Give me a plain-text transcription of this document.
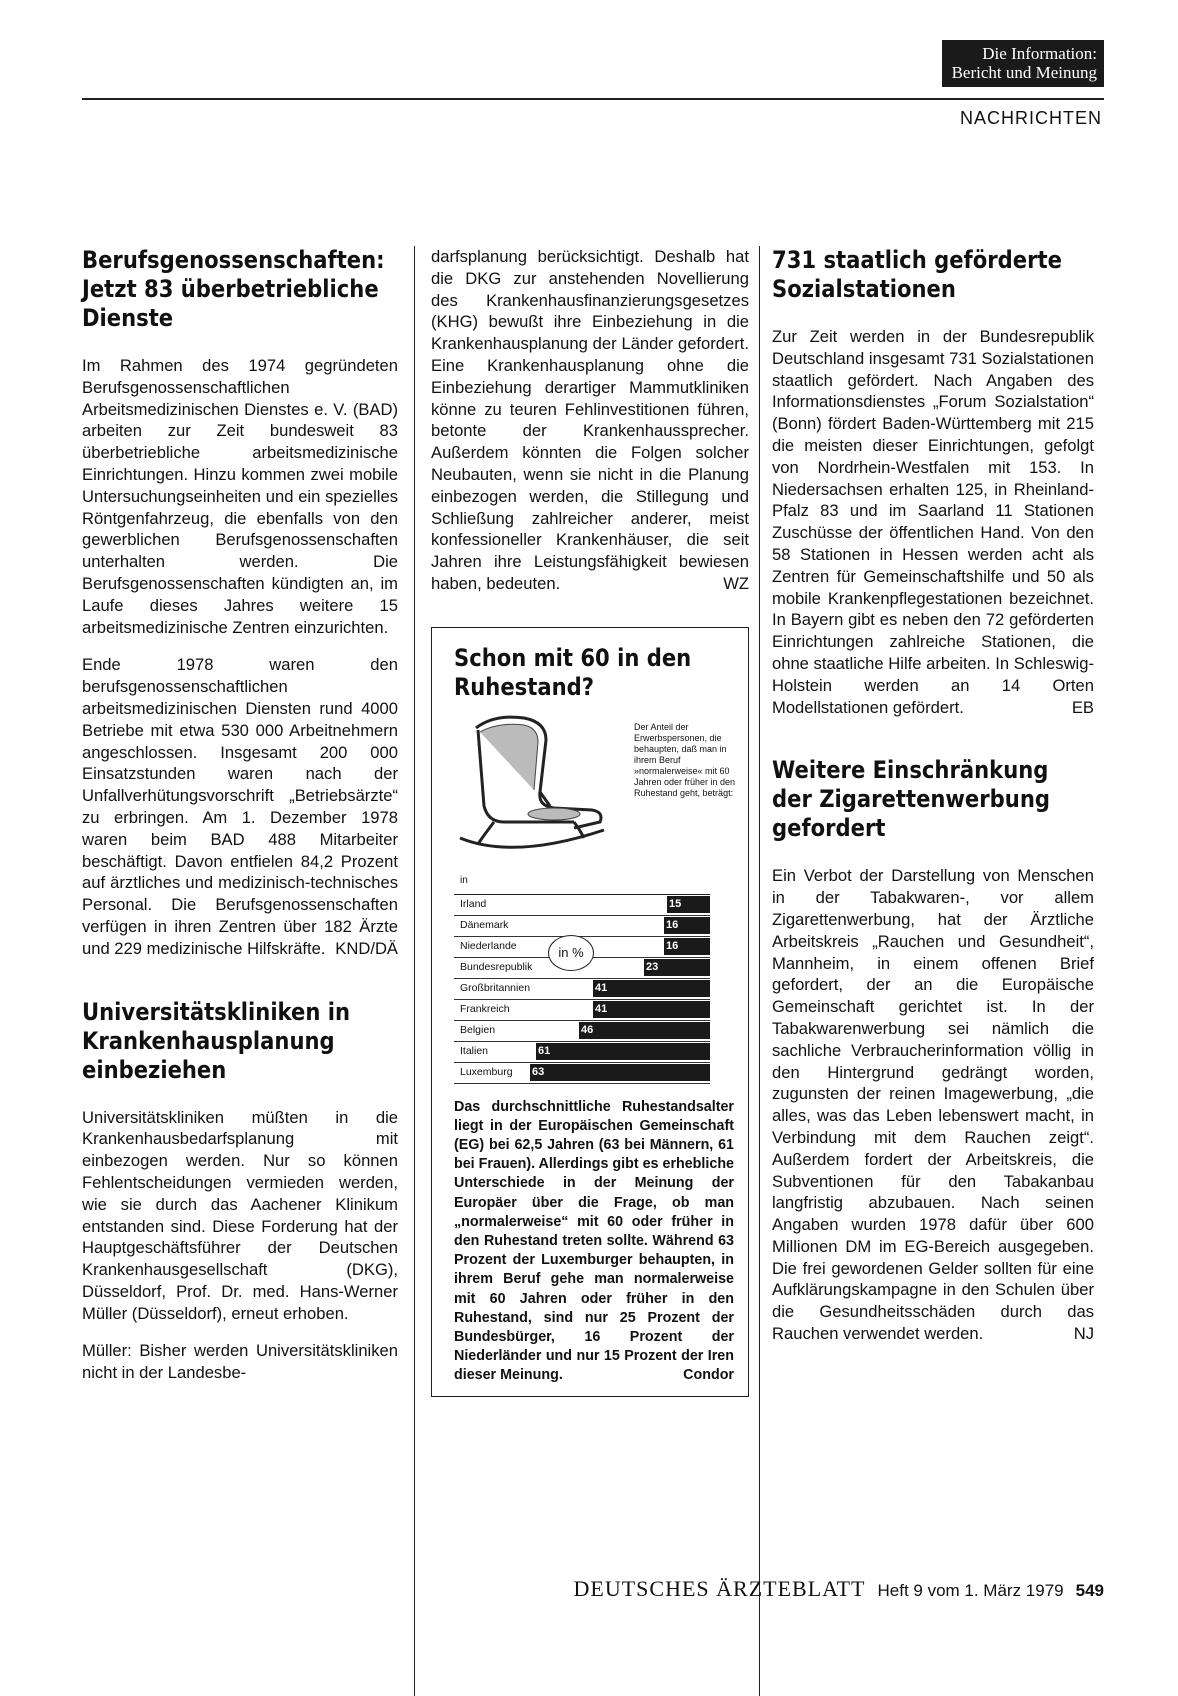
Die Information:
Bericht und Meinung
NACHRICHTEN
Berufsgenossenschaften: Jetzt 83 überbetriebliche Dienste

Im Rahmen des 1974 gegründeten Berufsgenossenschaftlichen Arbeitsmedizinischen Dienstes e. V. (BAD) arbeiten zur Zeit bundesweit 83 überbetriebliche arbeitsmedizinische Einrichtungen. Hinzu kommen zwei mobile Untersuchungseinheiten und ein spezielles Röntgenfahrzeug, die ebenfalls von den gewerblichen Berufsgenossenschaften unterhalten werden. Die Berufsgenossenschaften kündigten an, im Laufe dieses Jahres weitere 15 arbeitsmedizinische Zentren einzurichten.

Ende 1978 waren den berufsgenossenschaftlichen arbeitsmedizinischen Diensten rund 4000 Betriebe mit etwa 530 000 Arbeitnehmern angeschlossen. Insgesamt 200 000 Einsatzstunden waren nach der Unfallverhütungsvorschrift „Betriebsärzte“ zu erbringen. Am 1. Dezember 1978 waren beim BAD 488 Mitarbeiter beschäftigt. Davon entfielen 84,2 Prozent auf ärztliches und medizinisch-technisches Personal. Die Berufsgenossenschaften verfügen in ihren Zentren über 182 Ärzte und 229 medizinische Hilfskräfte. KND/DÄ

Universitätskliniken in Krankenhausplanung einbeziehen

Universitätskliniken müßten in die Krankenhausbedarfsplanung mit einbezogen werden. Nur so können Fehlentscheidungen vermieden werden, wie sie durch das Aachener Klinikum entstanden sind. Diese Forderung hat der Hauptgeschäftsführer der Deutschen Krankenhausgesellschaft (DKG), Düsseldorf, Prof. Dr. med. Hans-Werner Müller (Düsseldorf), erneut erhoben.

Müller: Bisher werden Universitätskliniken nicht in der Landesbe-

darfsplanung berücksichtigt. Deshalb hat die DKG zur anstehenden Novellierung des Krankenhausfinanzierungsgesetzes (KHG) bewußt ihre Einbeziehung in die Krankenhausplanung der Länder gefordert. Eine Krankenhausplanung ohne die Einbeziehung derartiger Mammutkliniken könne zu teuren Fehlinvestitionen führen, betonte der Krankenhaussprecher. Außerdem könnten die Folgen solcher Neubauten, wenn sie nicht in die Planung einbezogen werden, die Stillegung und Schließung zahlreicher anderer, meist konfessioneller Krankenhäuser, die seit Jahren ihre Leistungsfähigkeit bewiesen haben, bedeuten.	WZ

Schon mit 60 in den Ruhestand?
Der Anteil der Erwerbspersonen, die behaupten, daß man in ihrem Beruf »normalerweise« mit 60 Jahren oder früher in den Ruhestand geht, beträgt:
in
in %
Irland	15
Dänemark	16
Niederlande	16
Bundesrepublik	23
Großbritannien	41
Frankreich	41
Belgien	46
Italien	61
Luxemburg 63
Das durchschnittliche Ruhestandsalter liegt in der Europäischen Gemeinschaft (EG) bei 62,5 Jahren (63 bei Männern, 61 bei Frauen). Allerdings gibt es erhebliche Unterschiede in der Meinung der Europäer über die Frage, ob man „normalerweise“ mit 60 oder früher in den Ruhestand treten sollte. Während 63 Prozent der Luxemburger behaupten, in ihrem Beruf gehe man normalerweise mit 60 Jahren oder früher in den Ruhestand, sind nur 25 Prozent der Bundesbürger, 16 Prozent der Niederländer und nur 15 Prozent der Iren dieser Meinung.	Condor
731 staatlich geförderte Sozialstationen

Zur Zeit werden in der Bundesrepublik Deutschland insgesamt 731 Sozialstationen staatlich gefördert. Nach Angaben des Informationsdienstes „Forum Sozialstation“ (Bonn) fördert Baden-Württemberg mit 215 die meisten dieser Einrichtungen, gefolgt von Nordrhein-Westfalen mit 153. In Niedersachsen erhalten 125, in Rheinland-Pfalz 83 und im Saarland 11 Stationen Zuschüsse der öffentlichen Hand. Von den 58 Stationen in Hessen werden acht als Zentren für Gemeinschaftshilfe und 50 als mobile Krankenpflegestationen bezeichnet. In Bayern gibt es neben den 72 geförderten Einrichtungen zahlreiche Stationen, die ohne staatliche Hilfe arbeiten. In Schleswig-Holstein werden an 14 Orten Modellstationen gefördert.	EB

Weitere Einschränkung der Zigarettenwerbung gefordert

Ein Verbot der Darstellung von Menschen in der Tabakwaren-, vor allem Zigarettenwerbung, hat der Ärztliche Arbeitskreis „Rauchen und Gesundheit“, Mannheim, in einem offenen Brief gefordert, der an die Europäische Gemeinschaft gerichtet ist. In der Tabakwarenwerbung sei nämlich die sachliche Verbraucherinformation völlig in den Hintergrund gedrängt worden, zugunsten der reinen Imagewerbung, „die alles, was das Leben lebenswert macht, in Verbindung mit dem Rauchen zeigt“. Außerdem fordert der Arbeitskreis, die Subventionen für den Tabakanbau langfristig abzubauen. Nach seinen Angaben wurden 1978 dafür über 600 Millionen DM im EG-Bereich ausgegeben. Die frei gewordenen Gelder sollten für eine Aufklärungskampagne in den Schulen über die Gesundheitsschäden durch das Rauchen verwendet werden.	NJ

DEUTSCHES ÄRZTEBLATT Heft 9 vom 1. März 1979 549
